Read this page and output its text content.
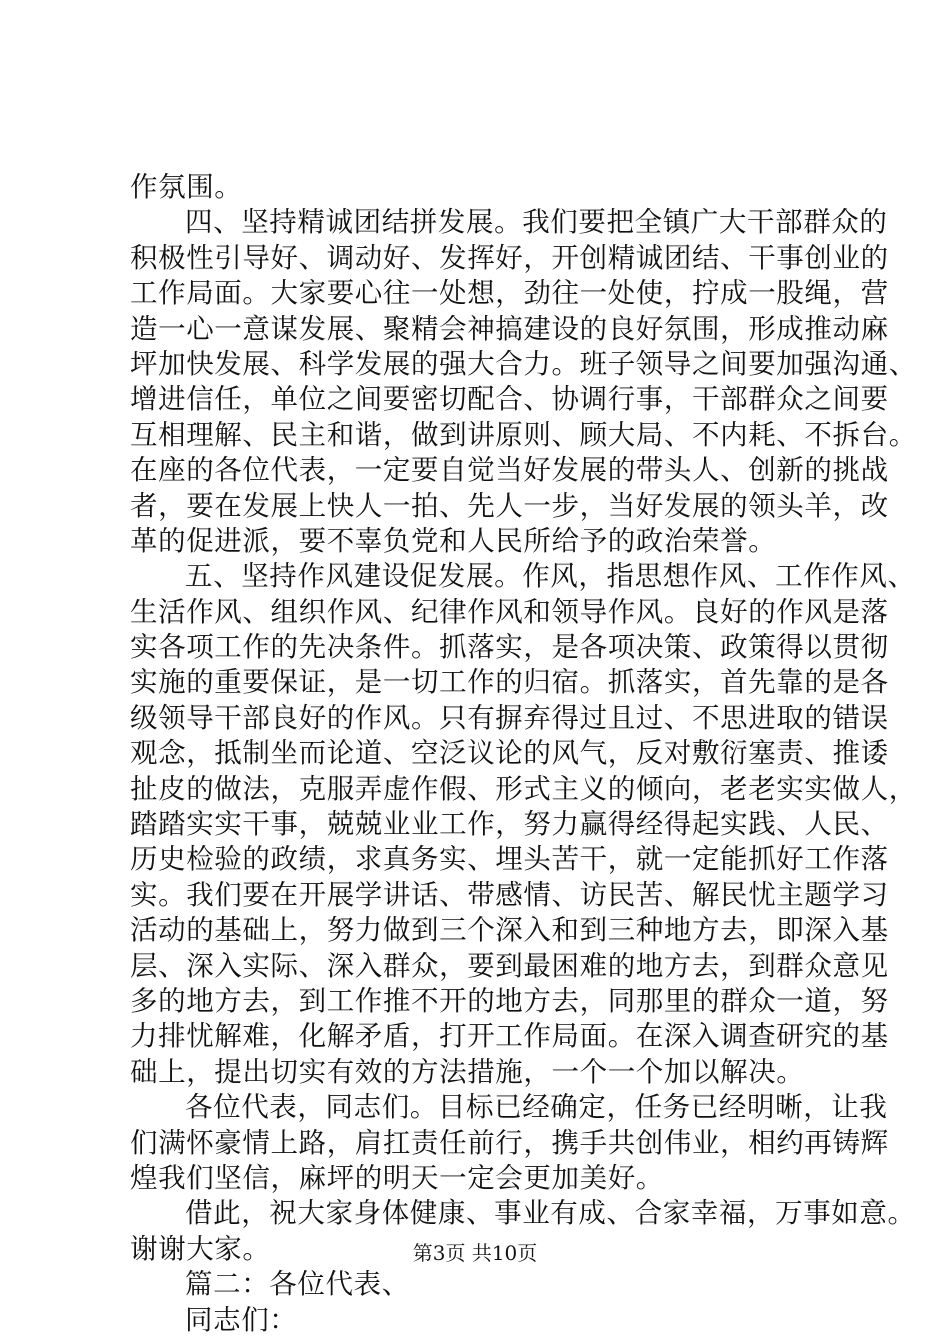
作氛围。
四、坚持精诚团结拼发展。我们要把全镇广大干部群众的
积极性引导好、调动好、发挥好，开创精诚团结、干事创业的
工作局面。大家要心往一处想，劲往一处使，拧成一股绳，营
造一心一意谋发展、聚精会神搞建设的良好氛围，形成推动麻
坪加快发展、科学发展的强大合力。班子领导之间要加强沟通、
增进信任，单位之间要密切配合、协调行事，干部群众之间要
互相理解、民主和谐，做到讲原则、顾大局、不内耗、不拆台。
在座的各位代表，一定要自觉当好发展的带头人、创新的挑战
者，要在发展上快人一拍、先人一步，当好发展的领头羊，改
革的促进派，要不辜负党和人民所给予的政治荣誉。
五、坚持作风建设促发展。作风，指思想作风、工作作风、
生活作风、组织作风、纪律作风和领导作风。良好的作风是落
实各项工作的先决条件。抓落实，是各项决策、政策得以贯彻
实施的重要保证，是一切工作的归宿。抓落实，首先靠的是各
级领导干部良好的作风。只有摒弃得过且过、不思进取的错误
观念，抵制坐而论道、空泛议论的风气，反对敷衍塞责、推诿
扯皮的做法，克服弄虚作假、形式主义的倾向，老老实实做人，
踏踏实实干事，兢兢业业工作，努力赢得经得起实践、人民、
历史检验的政绩，求真务实、埋头苦干，就一定能抓好工作落
实。我们要在开展学讲话、带感情、访民苦、解民忧主题学习
活动的基础上，努力做到三个深入和到三种地方去，即深入基
层、深入实际、深入群众，要到最困难的地方去，到群众意见
多的地方去，到工作推不开的地方去，同那里的群众一道，努
力排忧解难，化解矛盾，打开工作局面。在深入调查研究的基
础上，提出切实有效的方法措施，一个一个加以解决。
各位代表，同志们。目标已经确定，任务已经明晰，让我
们满怀豪情上路，肩扛责任前行，携手共创伟业，相约再铸辉
煌我们坚信，麻坪的明天一定会更加美好。
借此，祝大家身体健康、事业有成、合家幸福，万事如意。
谢谢大家。
篇二：各位代表、
同志们：
第3页 共10页
